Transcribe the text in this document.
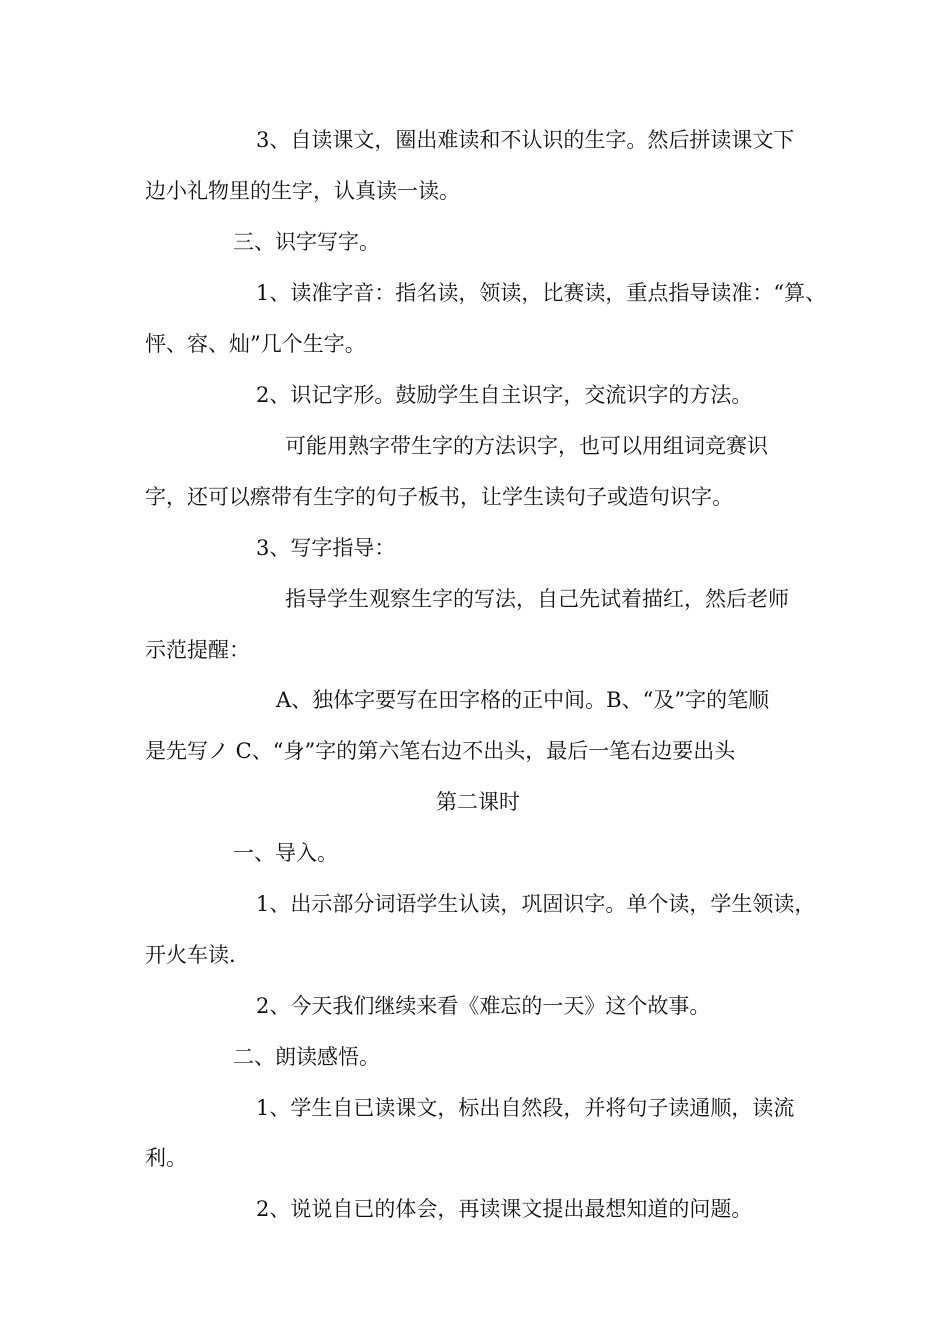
3、自读课文，圈出难读和不认识的生字。然后拼读课文下

边小礼物里的生字，认真读一读。

三、识字写字。

1、读准字音：指名读，领读，比赛读，重点指导读准：“算、

怦、容、灿”几个生字。

2、识记字形。鼓励学生自主识字，交流识字的方法。

可能用熟字带生字的方法识字，也可以用组词竞赛识

字，还可以瘵带有生字的句子板书，让学生读句子或造句识字。

3、写字指导：

指导学生观察生字的写法，自己先试着描红，然后老师

示范提醒：

A、独体字要写在田字格的正中间。B、“及”字的笔顺

是先写ノ C、“身”字的第六笔右边不出头，最后一笔右边要出头

第二课时

一、导入。

1、出示部分词语学生认读，巩固识字。单个读，学生领读，

开火车读.

2、今天我们继续来看《难忘的一天》这个故事。

二、朗读感悟。

1、学生自已读课文，标出自然段，并将句子读通顺，读流

利。

2、说说自已的体会，再读课文提出最想知道的问题。
